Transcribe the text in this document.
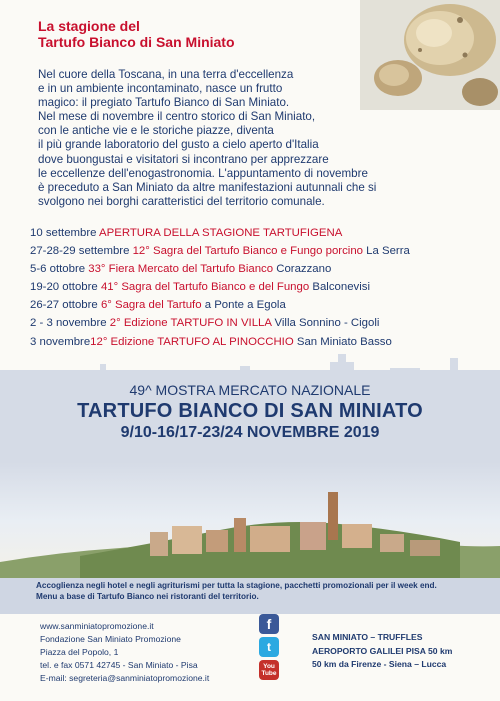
La stagione del
Tartufo Bianco di San Miniato
Nel cuore della Toscana, in una terra d'eccellenza
e in un ambiente incontaminato, nasce un frutto
magico: il pregiato Tartufo Bianco di San Miniato.
Nel mese di novembre il centro storico di San Miniato,
con le antiche vie e le storiche piazze, diventa
il più grande laboratorio del gusto a cielo aperto d'Italia
dove buongustai e visitatori si incontrano per apprezzare
le eccellenze dell'enogastronomia. L'appuntamento di novembre
è preceduto a San Miniato da altre manifestazioni autunnali che si
svolgono nei borghi caratteristici del territorio comunale.
10 settembre APERTURA DELLA STAGIONE TARTUFIGENA
27-28-29 settembre 12° Sagra del Tartufo Bianco e Fungo porcino La Serra
5-6 ottobre 33° Fiera Mercato del Tartufo Bianco Corazzano
19-20 ottobre 41° Sagra del Tartufo Bianco e del Fungo Balconevisi
26-27 ottobre 6° Sagra del Tartufo a Ponte a Egola
2 - 3 novembre 2° Edizione TARTUFO IN VILLA Villa Sonnino - Cigoli
3 novembre12° Edizione TARTUFO AL PINOCCHIO San Miniato Basso
49^ MOSTRA MERCATO NAZIONALE
TARTUFO BIANCO DI SAN MINIATO
9/10-16/17-23/24 NOVEMBRE 2019
Accoglienza negli hotel e negli agriturismi per tutta la stagione, pacchetti promozionali per il week end.
Menu a base di Tartufo Bianco nei ristoranti del territorio.
www.sanminiatopromozione.it
Fondazione San Miniato Promozione
Piazza del Popolo, 1
tel. e fax 0571 42745 - San Miniato - Pisa
E-mail: segreteria@sanminiatopromozione.it
f
t
You
Tube
SAN MINIATO – TRUFFLES
AEROPORTO GALILEI PISA 50 km
50 km da Firenze - Siena – Lucca
